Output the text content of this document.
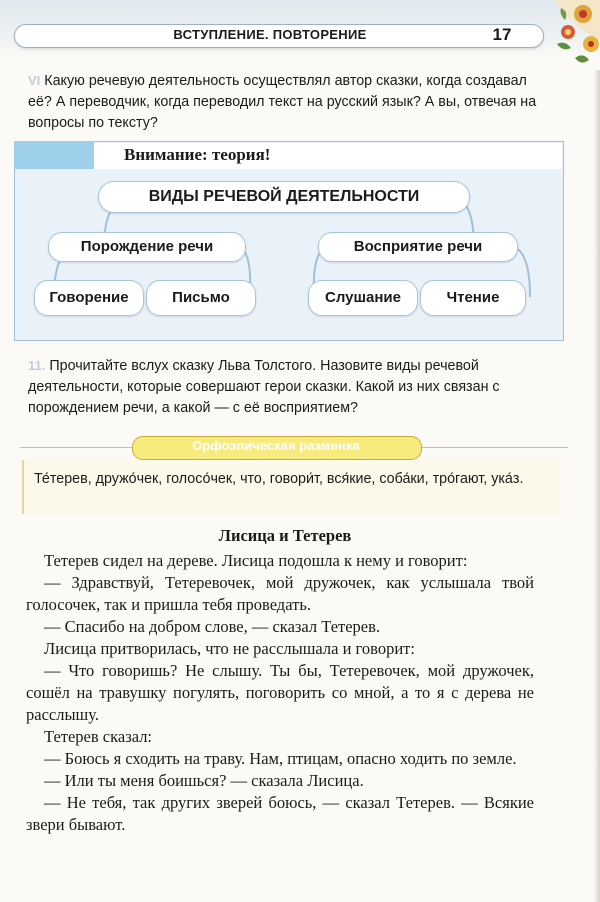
ВСТУПЛЕНИЕ. ПОВТОРЕНИЕ	17
VI Какую речевую деятельность осуществлял автор сказки, когда создавал её? А переводчик, когда переводил текст на русский язык? А вы, отвечая на вопросы по тексту?
Внимание: теория!
ВИДЫ РЕЧЕВОЙ ДЕЯТЕЛЬНОСТИ
Порождение речи	Восприятие речи
Говорение	Письмо	Слушание	Чтение
11. Прочитайте вслух сказку Льва Толстого. Назовите виды речевой деятельности, которые совершают герои сказки. Какой из них связан с порождением речи, а какой — с её восприятием?
Орфоэпическая разминка
Те́терев, дружо́чек, голосо́чек, что, говори́т, вся́кие, соба́ки, тро́гают, ука́з.
Лисица и Тетерев

Тетерев сидел на дереве. Лисица подошла к нему и говорит:

— Здравствуй, Тетеревочек, мой дружочек, как услышала твой голосочек, так и пришла тебя проведать.

— Спасибо на добром слове, — сказал Тетерев.

Лисица притворилась, что не расслышала и говорит:

— Что говоришь? Не слышу. Ты бы, Тетеревочек, мой дружочек, сошёл на травушку погулять, поговорить со мной, а то я с дерева не расслышу.

Тетерев сказал:

— Боюсь я сходить на траву. Нам, птицам, опасно ходить по земле.

— Или ты меня боишься? — сказала Лисица.

— Не тебя, так других зверей боюсь, — сказал Тетерев. — Всякие звери бывают.
